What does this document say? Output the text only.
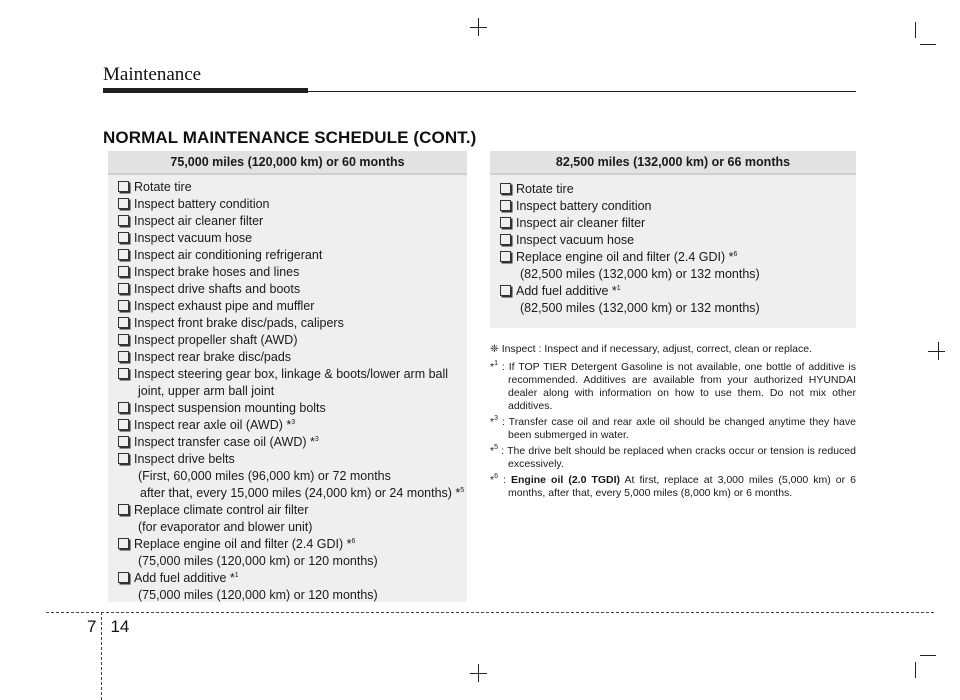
Maintenance
NORMAL MAINTENANCE SCHEDULE (CONT.)
75,000 miles (120,000 km) or 60 months
Rotate tire
Inspect battery condition
Inspect air cleaner filter
Inspect vacuum hose
Inspect air conditioning refrigerant
Inspect brake hoses and lines
Inspect drive shafts and boots
Inspect exhaust pipe and muffler
Inspect front brake disc/pads, calipers
Inspect propeller shaft (AWD)
Inspect rear brake disc/pads
Inspect steering gear box, linkage & boots/lower arm ball
joint, upper arm ball joint
Inspect suspension mounting bolts
Inspect rear axle oil (AWD) *$^3$
Inspect transfer case oil (AWD) *$^3$
Inspect drive belts
(First, 60,000 miles (96,000 km) or 72 months
after that, every 15,000 miles (24,000 km) or 24 months) *$^5$
Replace climate control air filter
(for evaporator and blower unit)
Replace engine oil and filter (2.4 GDI) *$^6$
(75,000 miles (120,000 km) or 120 months)
Add fuel additive *$^1$
(75,000 miles (120,000 km) or 120 months)
82,500 miles (132,000 km) or 66 months
Rotate tire
Inspect battery condition
Inspect air cleaner filter
Inspect vacuum hose
Replace engine oil and filter (2.4 GDI) *$^6$
(82,500 miles (132,000 km) or 132 months)
Add fuel additive *$^1$
(82,500 miles (132,000 km) or 132 months)
❈ Inspect : Inspect and if necessary, adjust, correct, clean or replace.
*$^1$ : If TOP TIER Detergent Gasoline is not available, one bottle of additive is recommended. Additives are available from your authorized HYUNDAI dealer along with information on how to use them. Do not mix other additives.
*$^3$ : Transfer case oil and rear axle oil should be changed anytime they have been submerged in water.
*$^5$ : The drive belt should be replaced when cracks occur or tension is reduced excessively.
*$^6$ : Engine oil (2.0 TGDI) At first, replace at 3,000 miles (5,000 km) or 6 months, after that, every 5,000 miles (8,000 km) or 6 months.
7 14
